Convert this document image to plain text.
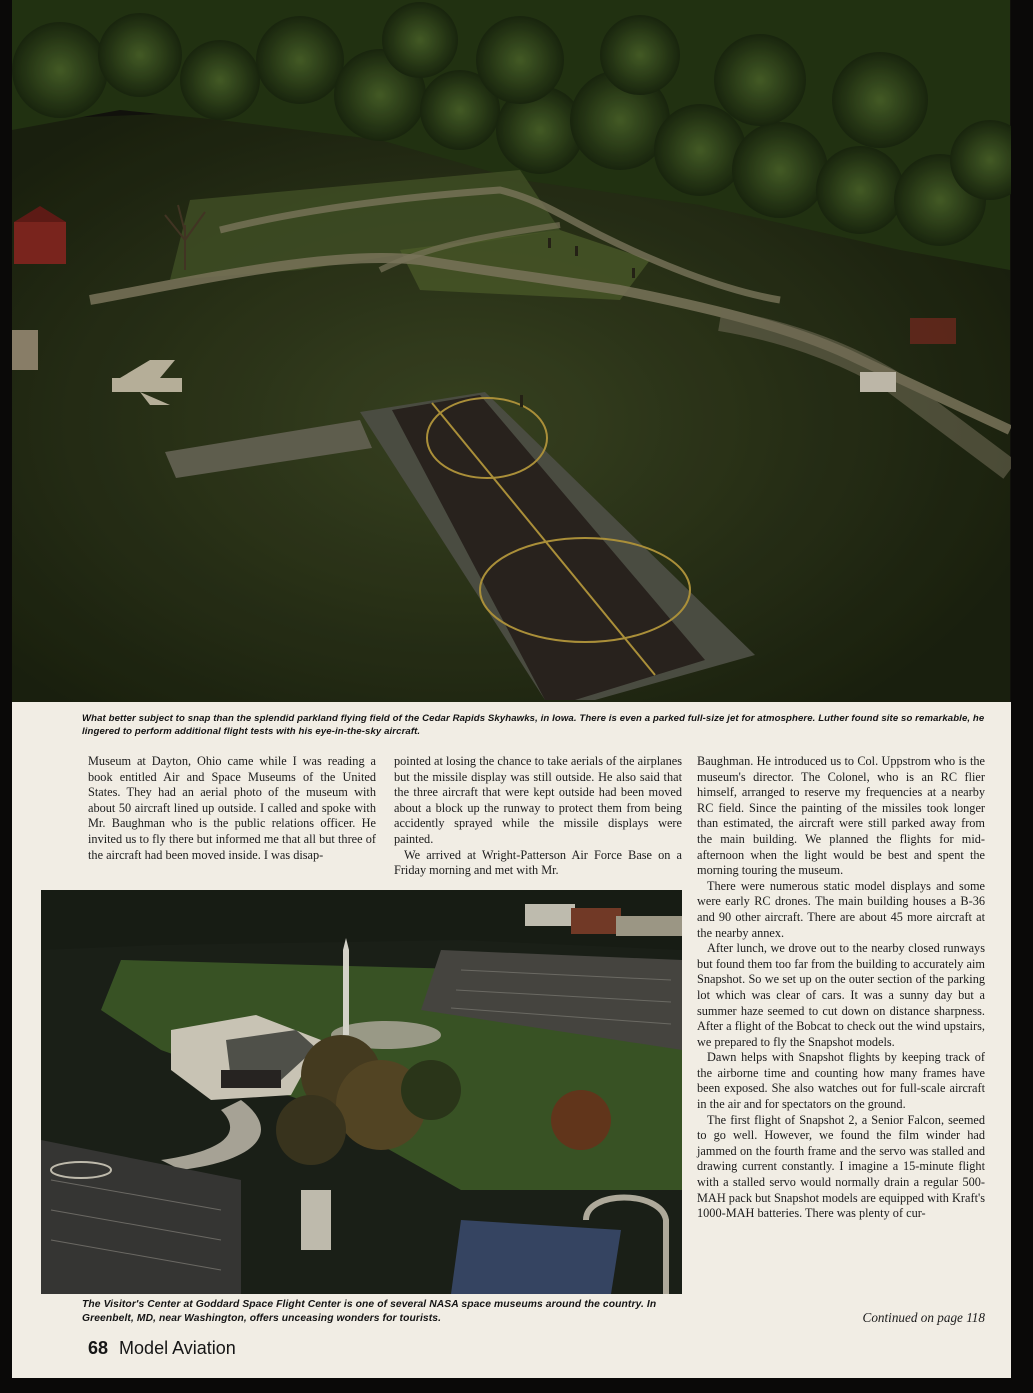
What better subject to snap than the splendid parkland flying field of the Cedar Rapids Skyhawks, in Iowa. There is even a parked full-size jet for atmosphere. Luther found site so remarkable, he lingered to perform additional flight tests with his eye-in-the-sky aircraft.

Museum at Dayton, Ohio came while I was reading a book entitled Air and Space Museums of the United States. They had an aerial photo of the museum with about 50 aircraft lined up outside. I called and spoke with Mr. Baughman who is the public relations officer. He invited us to fly there but informed me that all but three of the aircraft had been moved inside. I was disap-

pointed at losing the chance to take aerials of the airplanes but the missile display was still outside. He also said that the three aircraft that were kept outside had been moved about a block up the runway to protect them from being accidently sprayed while the missile displays were painted.

We arrived at Wright-Patterson Air Force Base on a Friday morning and met with Mr.

Baughman. He introduced us to Col. Uppstrom who is the museum's director. The Colonel, who is an RC flier himself, arranged to reserve my frequencies at a nearby RC field. Since the painting of the missiles took longer than estimated, the aircraft were still parked away from the main building. We planned the flights for mid-afternoon when the light would be best and spent the morning touring the museum.

There were numerous static model displays and some were early RC drones. The main building houses a B-36 and 90 other aircraft. There are about 45 more aircraft at the nearby annex.

After lunch, we drove out to the nearby closed runways but found them too far from the building to accurately aim Snapshot. So we set up on the outer section of the parking lot which was clear of cars. It was a sunny day but a summer haze seemed to cut down on distance sharpness. After a flight of the Bobcat to check out the wind upstairs, we prepared to fly the Snapshot models.

Dawn helps with Snapshot flights by keeping track of the airborne time and counting how many frames have been exposed. She also watches out for full-scale aircraft in the air and for spectators on the ground.

The first flight of Snapshot 2, a Senior Falcon, seemed to go well. However, we found the film winder had jammed on the fourth frame and the servo was stalled and drawing current constantly. I imagine a 15-minute flight with a stalled servo would normally drain a regular 500-MAH pack but Snapshot models are equipped with Kraft's 1000-MAH batteries. There was plenty of cur-

The Visitor's Center at Goddard Space Flight Center is one of several NASA space museums around the country. In Greenbelt, MD, near Washington, offers unceasing wonders for tourists.	Continued on page 118
68 Model Aviation
